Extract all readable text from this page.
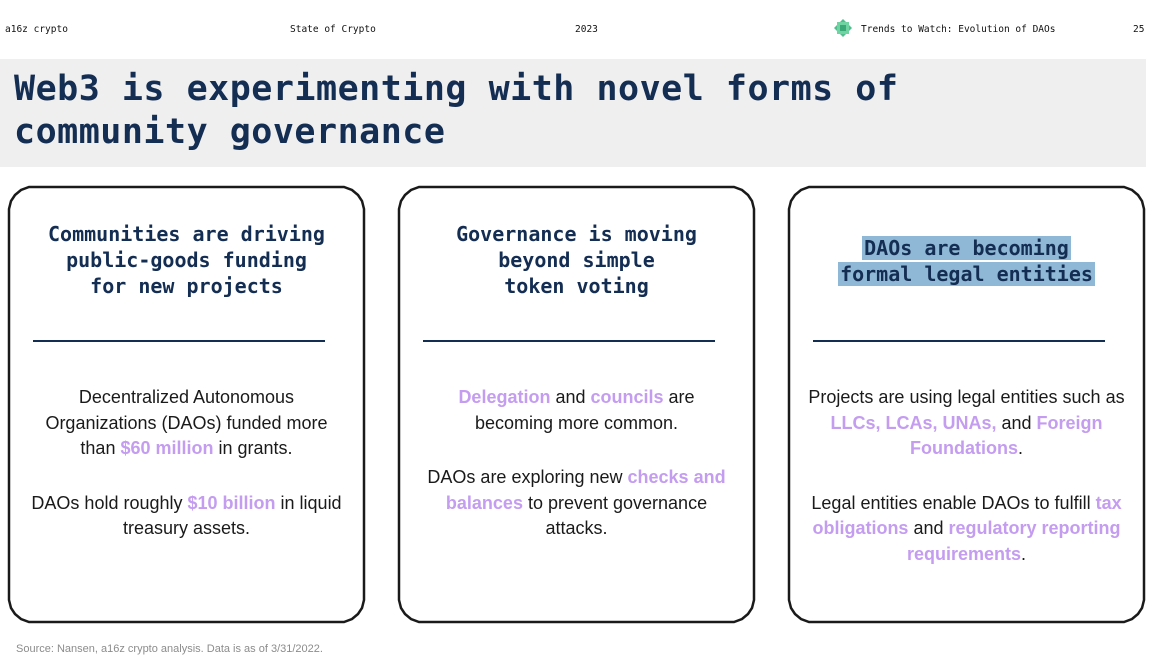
a16z crypto	State of Crypto	2023	Trends to Watch: Evolution of DAOs	25
Web3 is experimenting with novel forms of
community governance
Communities are driving
public-goods funding
for new projects

Decentralized Autonomous Organizations (DAOs) funded more than $60 million in grants.

DAOs hold roughly $10 billion in liquid treasury assets.

Governance is moving
beyond simple
token voting

Delegation and councils are becoming more common.

DAOs are exploring new checks and balances to prevent governance attacks.

DAOs are becoming
formal legal entities

Projects are using legal entities such as LLCs, LCAs, UNAs, and Foreign Foundations.

Legal entities enable DAOs to fulfill tax obligations and regulatory reporting requirements.

Source: Nansen, a16z crypto analysis. Data is as of 3/31/2022.
